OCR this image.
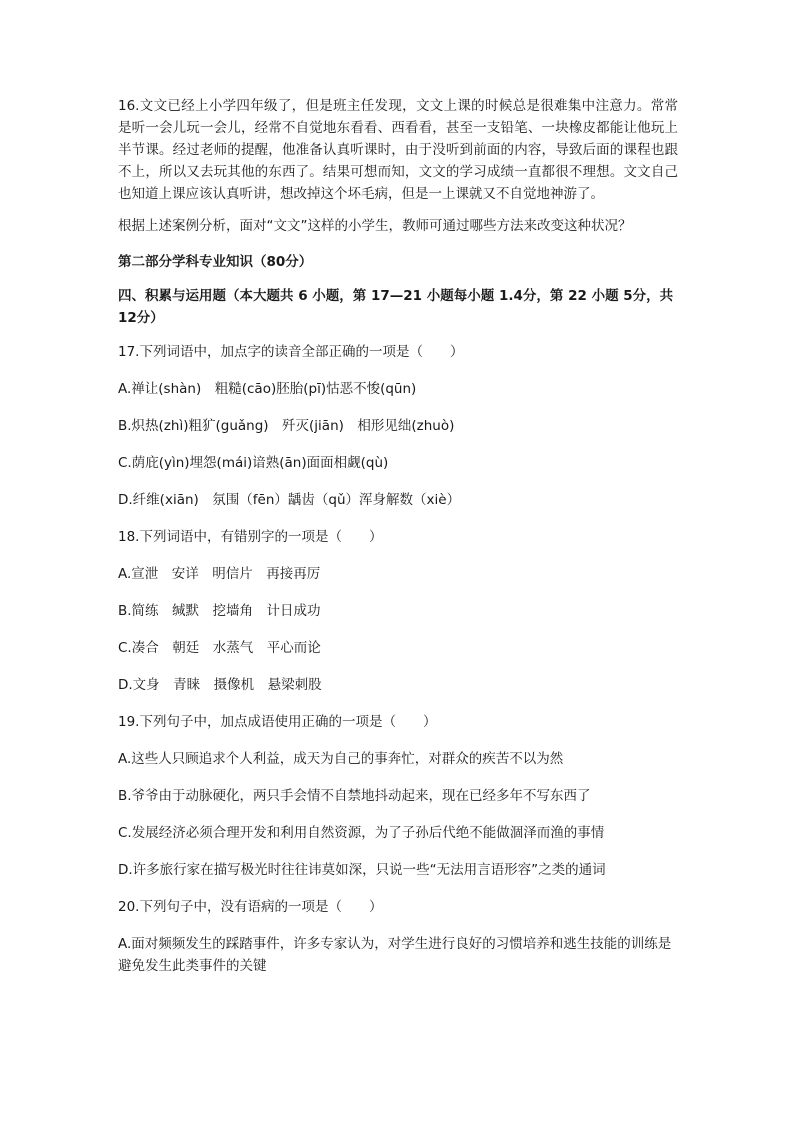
16.文文已经上小学四年级了，但是班主任发现，文文上课的时候总是很难集中注意力。常常是听一会儿玩一会儿，经常不自觉地东看看、西看看，甚至一支铅笔、一块橡皮都能让他玩上半节课。经过老师的提醒，他准备认真听课时，由于没听到前面的内容，导致后面的课程也跟不上，所以又去玩其他的东西了。结果可想而知，文文的学习成绩一直都很不理想。文文自己也知道上课应该认真听讲，想改掉这个坏毛病，但是一上课就又不自觉地神游了。

根据上述案例分析，面对“文文”这样的小学生，教师可通过哪些方法来改变这种状况？

第二部分学科专业知识（80分）

四、积累与运用题（本大题共 6 小题，第 17—21 小题每小题 1.4分，第 22 小题 5分，共 12分）

17.下列词语中，加点字的读音全部正确的一项是（　　）

A.禅让(shàn)　粗糙(cāo)胚胎(pī)怙恶不悛(qūn)

B.炽热(zhì)粗犷(guǎng)　歼灭(jiān)　相形见绌(zhuò)

C.荫庇(yìn)埋怨(mái)谙熟(ān)面面相觑(qù)

D.纤维(xiān)　氛围（fēn）龋齿（qǔ）浑身解数（xiè）

18.下列词语中，有错别字的一项是（　　）

A.宣泄　安详　明信片　再接再厉

B.简练　缄默　挖墙角　计日成功

C.凑合　朝廷　水蒸气　平心而论

D.文身　青睐　摄像机　悬梁刺股

19.下列句子中，加点成语使用正确的一项是（　　）

A.这些人只顾追求个人利益，成天为自己的事奔忙，对群众的疾苦不以为然

B.爷爷由于动脉硬化，两只手会情不自禁地抖动起来，现在已经多年不写东西了

C.发展经济必须合理开发和利用自然资源，为了子孙后代绝不能做涸泽而渔的事情

D.许多旅行家在描写极光时往往讳莫如深，只说一些“无法用言语形容”之类的通词

20.下列句子中，没有语病的一项是（　　）

A.面对频频发生的踩踏事件，许多专家认为，对学生进行良好的习惯培养和逃生技能的训练是避免发生此类事件的关键
